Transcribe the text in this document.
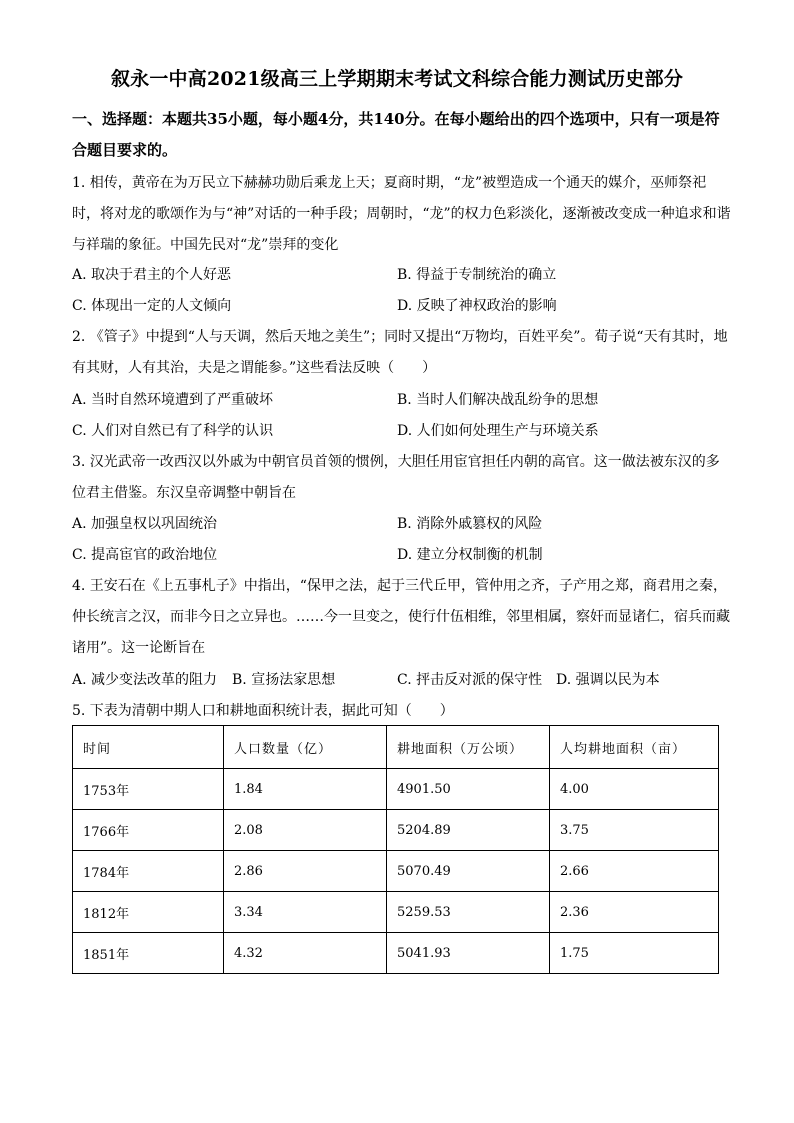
叙永一中高2021级高三上学期期末考试文科综合能力测试历史部分
一、选择题：本题共35小题，每小题4分，共140分。在每小题给出的四个选项中，只有一项是符合题目要求的。
1. 相传，黄帝在为万民立下赫赫功勋后乘龙上天；夏商时期，“龙”被塑造成一个通天的媒介，巫师祭祀时，将对龙的歌颂作为与“神”对话的一种手段；周朝时，“龙”的权力色彩淡化，逐渐被改变成一种追求和谐与祥瑞的象征。中国先民对“龙”崇拜的变化
A. 取决于君主的个人好恶	B. 得益于专制统治的确立
C. 体现出一定的人文倾向	D. 反映了神权政治的影响
2. 《管子》中提到“人与天调，然后天地之美生”；同时又提出“万物均，百姓平矣”。荀子说“天有其时，地有其财，人有其治，夫是之谓能参。”这些看法反映（　　）
A. 当时自然环境遭到了严重破坏	B. 当时人们解决战乱纷争的思想
C. 人们对自然已有了科学的认识	D. 人们如何处理生产与环境关系
3. 汉光武帝一改西汉以外戚为中朝官员首领的惯例，大胆任用宦官担任内朝的高官。这一做法被东汉的多位君主借鉴。东汉皇帝调整中朝旨在
A. 加强皇权以巩固统治	B. 消除外戚篡权的风险
C. 提高宦官的政治地位	D. 建立分权制衡的机制
4. 王安石在《上五事札子》中指出，“保甲之法，起于三代丘甲，管仲用之齐，子产用之郑，商君用之秦，仲长统言之汉，而非今日之立异也。……今一旦变之，使行什伍相维，邻里相属，察奸而显诸仁，宿兵而藏诸用”。这一论断旨在
A. 减少变法改革的阻力 B. 宣扬法家思想	C. 抨击反对派的保守性 D. 强调以民为本
5. 下表为清朝中期人口和耕地面积统计表，据此可知（　　）
时间	人口数量（亿）	耕地面积（万公顷）	人均耕地面积（亩）
1753年	1.84	4901.50	4.00
1766年	2.08	5204.89	3.75
1784年	2.86	5070.49	2.66
1812年	3.34	5259.53	2.36
1851年	4.32	5041.93	1.75
